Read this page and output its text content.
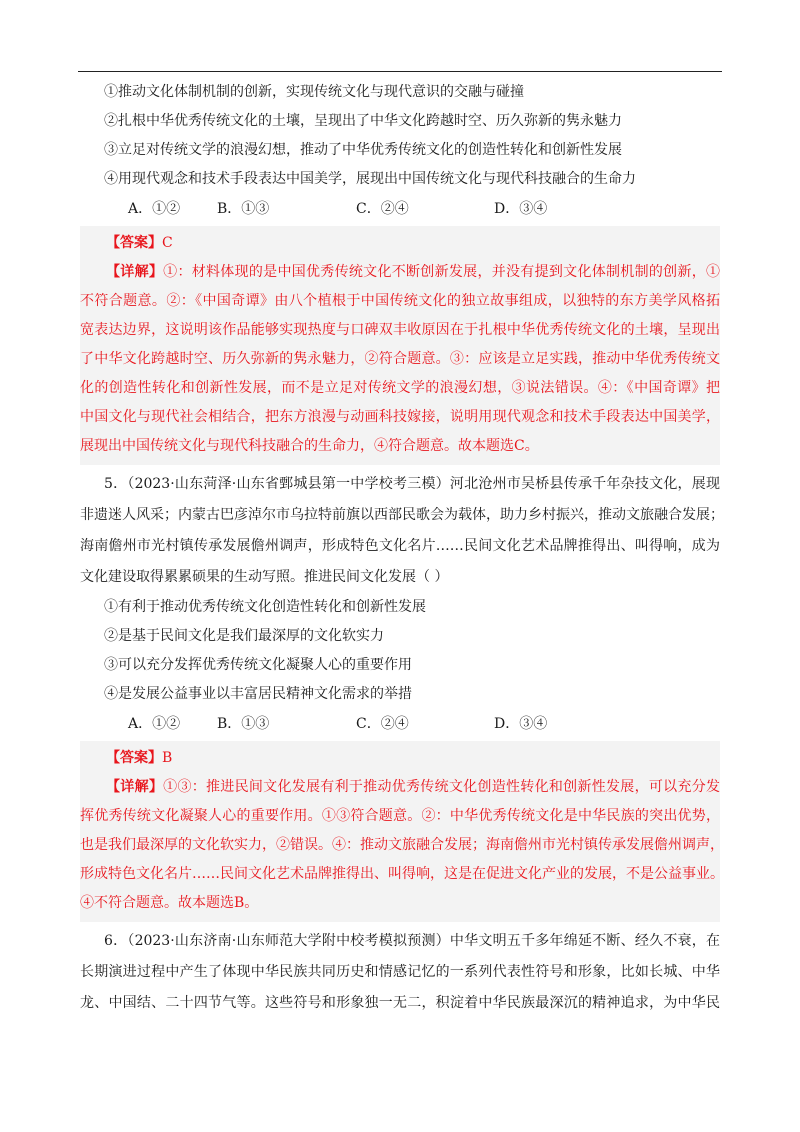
①推动文化体制机制的创新，实现传统文化与现代意识的交融与碰撞
②扎根中华优秀传统文化的土壤，呈现出了中华文化跨越时空、历久弥新的隽永魅力
③立足对传统文学的浪漫幻想，推动了中华优秀传统文化的创造性转化和创新性发展
④用现代观念和技术手段表达中国美学，展现出中国传统文化与现代科技融合的生命力
A．①②	B．①③	C．②④	D．③④
【答案】C
【详解】①：材料体现的是中国优秀传统文化不断创新发展，并没有提到文化体制机制的创新，①
不符合题意。②：《中国奇谭》由八个植根于中国传统文化的独立故事组成，以独特的东方美学风格拓
宽表达边界，这说明该作品能够实现热度与口碑双丰收原因在于扎根中华优秀传统文化的土壤，呈现出
了中华文化跨越时空、历久弥新的隽永魅力，②符合题意。③：应该是立足实践，推动中华优秀传统文
化的创造性转化和创新性发展，而不是立足对传统文学的浪漫幻想，③说法错误。④：《中国奇谭》把
中国文化与现代社会相结合，把东方浪漫与动画科技嫁接，说明用现代观念和技术手段表达中国美学，
展现出中国传统文化与现代科技融合的生命力，④符合题意。故本题选C。
5．（2023·山东菏泽·山东省鄄城县第一中学校考三模）河北沧州市吴桥县传承千年杂技文化，展现
非遗迷人风采；内蒙古巴彦淖尔市乌拉特前旗以西部民歌会为载体，助力乡村振兴，推动文旅融合发展；
海南儋州市光村镇传承发展儋州调声，形成特色文化名片……民间文化艺术品牌推得出、叫得响，成为
文化建设取得累累硕果的生动写照。推进民间文化发展（ ）
①有利于推动优秀传统文化创造性转化和创新性发展
②是基于民间文化是我们最深厚的文化软实力
③可以充分发挥优秀传统文化凝聚人心的重要作用
④是发展公益事业以丰富居民精神文化需求的举措
A．①②	B．①③	C．②④	D．③④
【答案】B
【详解】①③：推进民间文化发展有利于推动优秀传统文化创造性转化和创新性发展，可以充分发
挥优秀传统文化凝聚人心的重要作用。①③符合题意。②：中华优秀传统文化是中华民族的突出优势，
也是我们最深厚的文化软实力，②错误。④：推动文旅融合发展；海南儋州市光村镇传承发展儋州调声，
形成特色文化名片……民间文化艺术品牌推得出、叫得响，这是在促进文化产业的发展，不是公益事业。
④不符合题意。故本题选B。
6．（2023·山东济南·山东师范大学附中校考模拟预测）中华文明五千多年绵延不断、经久不衰，在
长期演进过程中产生了体现中华民族共同历史和情感记忆的一系列代表性符号和形象，比如长城、中华
龙、中国结、二十四节气等。这些符号和形象独一无二，积淀着中华民族最深沉的精神追求，为中华民
